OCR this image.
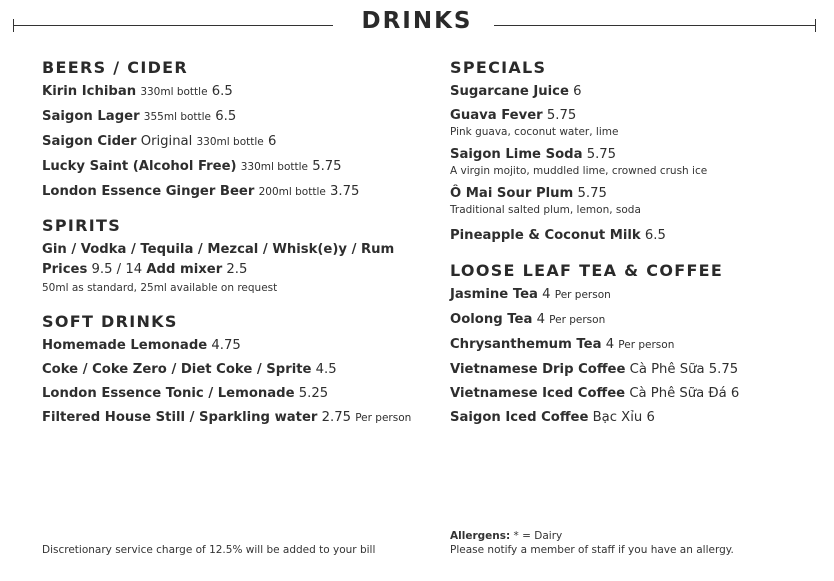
DRINKS
BEERS / CIDER
Kirin Ichiban 330ml bottle 6.5
Saigon Lager 355ml bottle 6.5
Saigon Cider Original 330ml bottle 6
Lucky Saint (Alcohol Free) 330ml bottle 5.75
London Essence Ginger Beer 200ml bottle 3.75
SPIRITS
Gin / Vodka / Tequila / Mezcal / Whisk(e)y / Rum
Prices 9.5 / 14 Add mixer 2.5
50ml as standard, 25ml available on request
SOFT DRINKS
Homemade Lemonade 4.75
Coke / Coke Zero / Diet Coke / Sprite 4.5
London Essence Tonic / Lemonade 5.25
Filtered House Still / Sparkling water 2.75 Per person
SPECIALS
Sugarcane Juice 6
Guava Fever 5.75
Pink guava, coconut water, lime
Saigon Lime Soda 5.75
A virgin mojito, muddled lime, crowned crush ice
Ô Mai Sour Plum 5.75
Traditional salted plum, lemon, soda
Pineapple & Coconut Milk 6.5
LOOSE LEAF TEA & COFFEE
Jasmine Tea 4 Per person
Oolong Tea 4 Per person
Chrysanthemum Tea 4 Per person
Vietnamese Drip Coffee Cà Phê Sữa 5.75
Vietnamese Iced Coffee Cà Phê Sữa Đá 6
Saigon Iced Coffee Bạc Xỉu 6
Discretionary service charge of 12.5% will be added to your bill
Allergens: * = Dairy
Please notify a member of staff if you have an allergy.
